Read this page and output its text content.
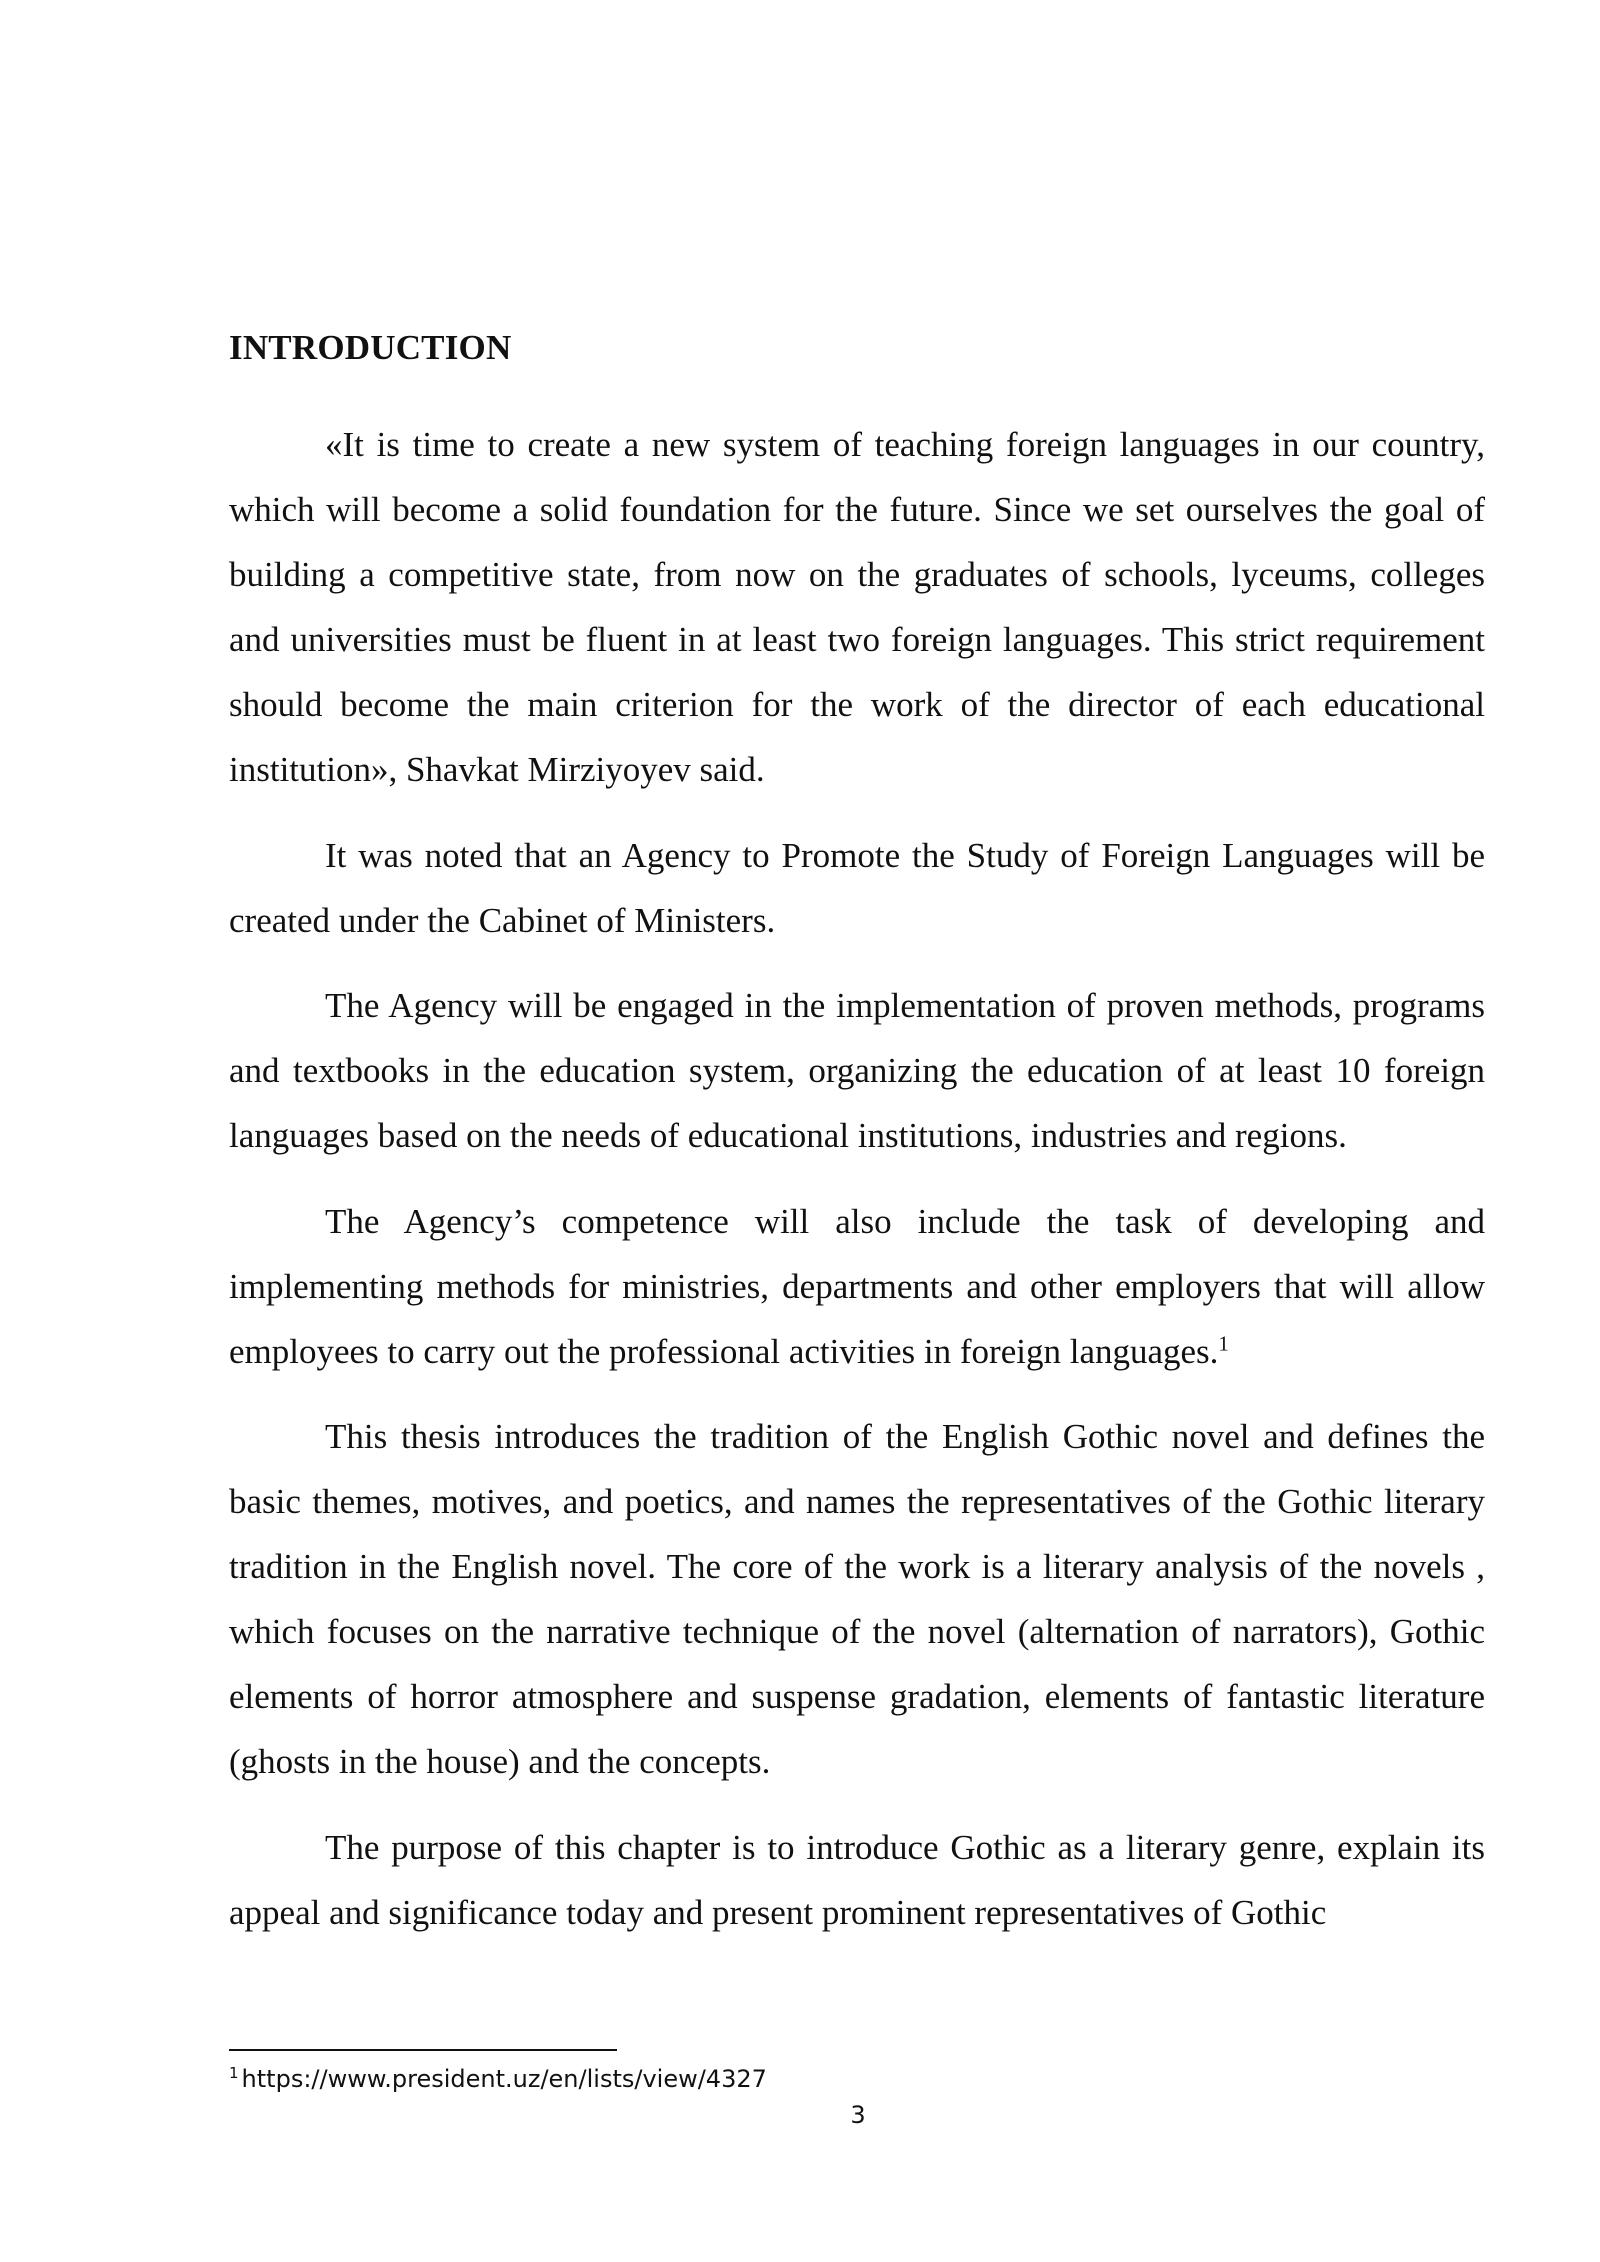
INTRODUCTION

«It is time to create a new system of teaching foreign languages in our country, which will become a solid foundation for the future. Since we set ourselves the goal of building a competitive state, from now on the graduates of schools, lyceums, colleges and universities must be fluent in at least two foreign languages. This strict requirement should become the main criterion for the work of the director of each educational institution», Shavkat Mirziyoyev said.

It was noted that an Agency to Promote the Study of Foreign Languages will be created under the Cabinet of Ministers.

The Agency will be engaged in the implementation of proven methods, programs and textbooks in the education system, organizing the education of at least 10 foreign languages based on the needs of educational institutions, industries and regions.

The Agency’s competence will also include the task of developing and implementing methods for ministries, departments and other employers that will allow employees to carry out the professional activities in foreign languages.$^1$

This thesis introduces the tradition of the English Gothic novel and defines the basic themes, motives, and poetics, and names the representatives of the Gothic literary tradition in the English novel. The core of the work is a literary analysis of the novels , which focuses on the narrative technique of the novel (alternation of narrators), Gothic elements of horror atmosphere and suspense gradation, elements of fantastic literature (ghosts in the house) and the concepts.

The purpose of this chapter is to introduce Gothic as a literary genre, explain its appeal and significance today and present prominent representatives of Gothic

$^1$ https://www.president.uz/en/lists/view/4327

3
